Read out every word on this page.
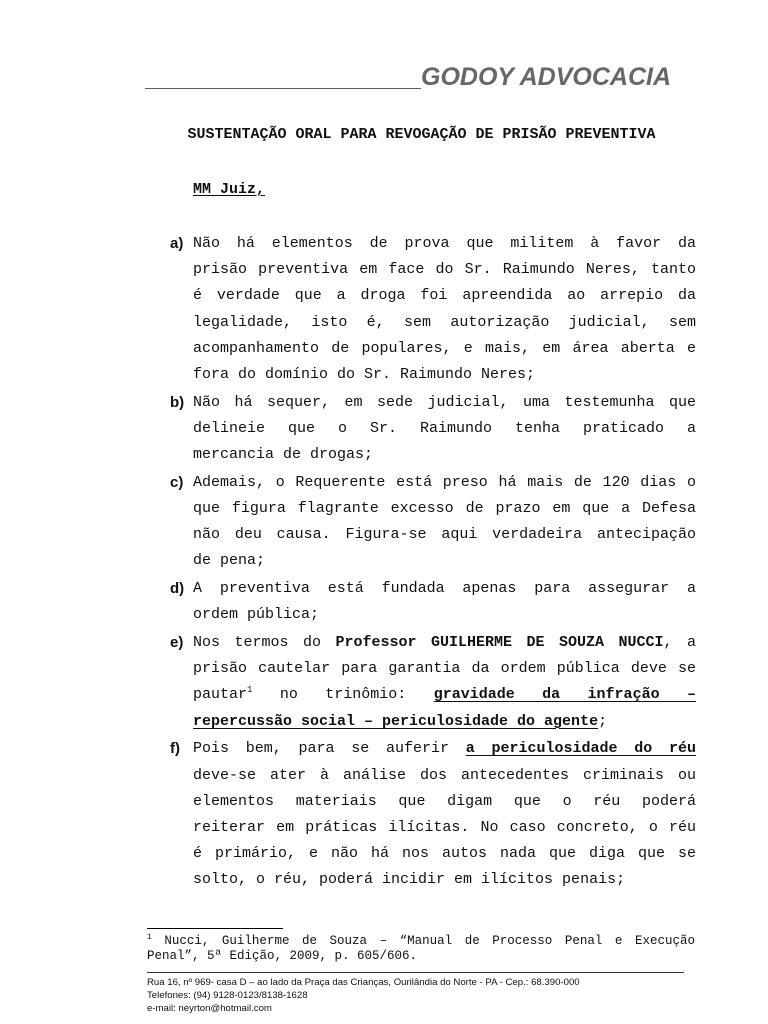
GODOY ADVOCACIA
SUSTENTAÇÃO ORAL PARA REVOGAÇÃO DE PRISÃO PREVENTIVA
MM Juiz,
a) Não há elementos de prova que militem à favor da
prisão preventiva em face do Sr. Raimundo Neres, tanto
é verdade que a droga foi apreendida ao arrepio da
legalidade, isto é, sem autorização judicial, sem
acompanhamento de populares, e mais, em área aberta e
fora do domínio do Sr. Raimundo Neres;
b) Não há sequer, em sede judicial, uma testemunha que
delineie que o Sr. Raimundo tenha praticado a
mercancia de drogas;
c) Ademais, o Requerente está preso há mais de 120 dias o
que figura flagrante excesso de prazo em que a Defesa
não deu causa. Figura-se aqui verdadeira antecipação
de pena;
d) A preventiva está fundada apenas para assegurar a
ordem pública;
e) Nos termos do Professor GUILHERME DE SOUZA NUCCI, a
prisão cautelar para garantia da ordem pública deve se
pautar$^1$ no trinômio: gravidade da infração –
repercussão social – periculosidade do agente;
f) Pois bem, para se auferir a periculosidade do réu
deve-se ater à análise dos antecedentes criminais ou
elementos materiais que digam que o réu poderá
reiterar em práticas ilícitas. No caso concreto, o réu
é primário, e não há nos autos nada que diga que se
solto, o réu, poderá incidir em ilícitos penais;
$^1$ Nucci, Guilherme de Souza – “Manual de Processo Penal e Execução
Penal”, 5ª Edição, 2009, p. 605/606.
Rua 16, nº 969- casa D – ao lado da Praça das Crianças, Ourilândia do Norte - PA - Cep.: 68.390-000
Telefones: (94) 9128-0123/8138-1628
e-mail: neyrton@hotmail.com
